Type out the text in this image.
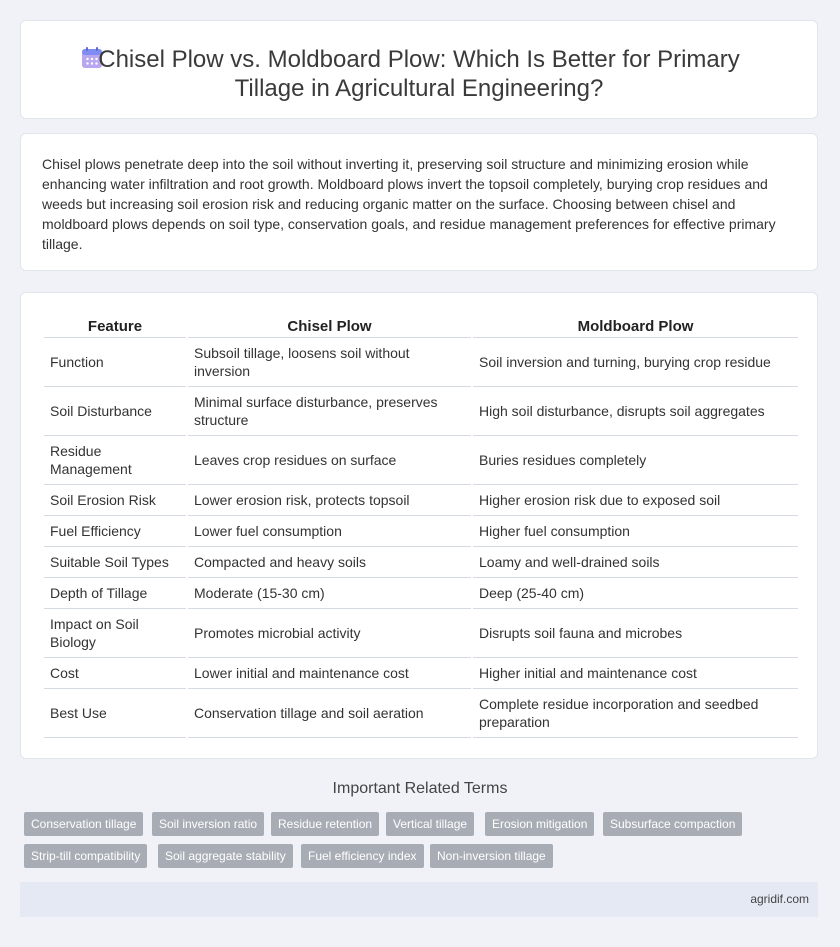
Chisel Plow vs. Moldboard Plow: Which Is Better for Primary
Tillage in Agricultural Engineering?
Chisel plows penetrate deep into the soil without inverting it, preserving soil structure and minimizing erosion while enhancing water infiltration and root growth. Moldboard plows invert the topsoil completely, burying crop residues and weeds but increasing soil erosion risk and reducing organic matter on the surface. Choosing between chisel and moldboard plows depends on soil type, conservation goals, and residue management preferences for effective primary tillage.
Feature	Chisel Plow	Moldboard Plow
Function	Subsoil tillage, loosens soil without inversion	Soil inversion and turning, burying crop residue
Soil Disturbance	Minimal surface disturbance, preserves structure	High soil disturbance, disrupts soil aggregates
Residue Management	Leaves crop residues on surface	Buries residues completely
Soil Erosion Risk	Lower erosion risk, protects topsoil	Higher erosion risk due to exposed soil
Fuel Efficiency	Lower fuel consumption	Higher fuel consumption
Suitable Soil Types	Compacted and heavy soils	Loamy and well-drained soils
Depth of Tillage	Moderate (15-30 cm)	Deep (25-40 cm)
Impact on Soil Biology	Promotes microbial activity	Disrupts soil fauna and microbes
Cost	Lower initial and maintenance cost	Higher initial and maintenance cost
Best Use	Conservation tillage and soil aeration	Complete residue incorporation and seedbed preparation
Important Related Terms
Conservation tillage	Soil inversion ratio	Residue retention	Vertical tillage	Erosion mitigation	Subsurface compaction
Strip-till compatibility	Soil aggregate stability	Fuel efficiency index	Non-inversion tillage
agridif.com
